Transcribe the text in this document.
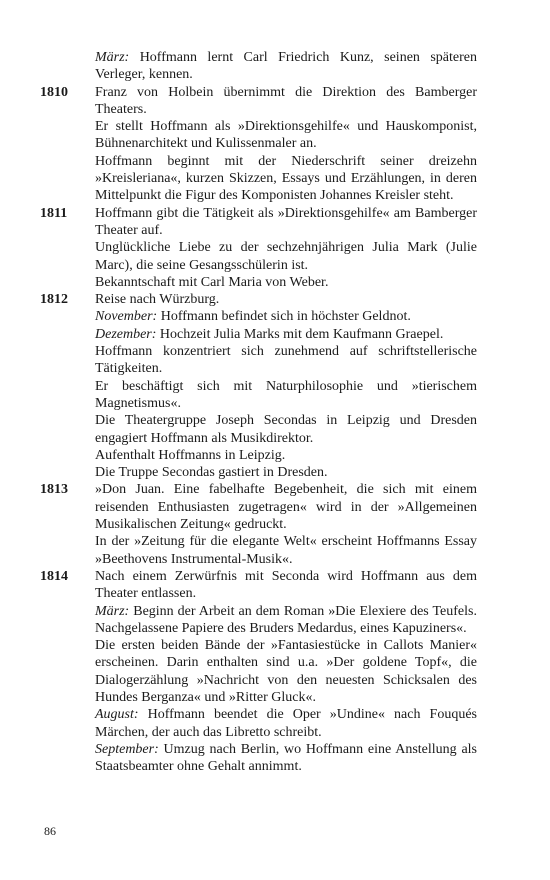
März: Hoffmann lernt Carl Friedrich Kunz, seinen späteren Verleger, kennen.
1810	Franz von Holbein übernimmt die Direktion des Bamberger Theaters.
Er stellt Hoffmann als »Direktionsgehilfe« und Hauskomponist, Bühnenarchitekt und Kulissenmaler an.
Hoffmann beginnt mit der Niederschrift seiner dreizehn »Kreisleriana«, kurzen Skizzen, Essays und Erzählungen, in deren Mittelpunkt die Figur des Komponisten Johannes Kreisler steht.
1811	Hoffmann gibt die Tätigkeit als »Direktionsgehilfe« am Bamberger Theater auf.
Unglückliche Liebe zu der sechzehnjährigen Julia Mark (Julie Marc), die seine Gesangsschülerin ist.
Bekanntschaft mit Carl Maria von Weber.
1812	Reise nach Würzburg.
November: Hoffmann befindet sich in höchster Geldnot.
Dezember: Hochzeit Julia Marks mit dem Kaufmann Graepel.
Hoffmann konzentriert sich zunehmend auf schriftstellerische Tätigkeiten.
Er beschäftigt sich mit Naturphilosophie und »tierischem Magnetismus«.
Die Theatergruppe Joseph Secondas in Leipzig und Dresden engagiert Hoffmann als Musikdirektor.
Aufenthalt Hoffmanns in Leipzig.
Die Truppe Secondas gastiert in Dresden.
1813	»Don Juan. Eine fabelhafte Begebenheit, die sich mit einem reisenden Enthusiasten zugetragen« wird in der »Allgemeinen Musikalischen Zeitung« gedruckt.
In der »Zeitung für die elegante Welt« erscheint Hoffmanns Essay »Beethovens Instrumental-Musik«.
1814	Nach einem Zerwürfnis mit Seconda wird Hoffmann aus dem Theater entlassen.
März: Beginn der Arbeit an dem Roman »Die Elexiere des Teufels. Nachgelassene Papiere des Bruders Medardus, eines Kapuziners«.
Die ersten beiden Bände der »Fantasiestücke in Callots Manier« erscheinen. Darin enthalten sind u.a. »Der goldene Topf«, die Dialogerzählung »Nachricht von den neuesten Schicksalen des Hundes Berganza« und »Ritter Gluck«.
August: Hoffmann beendet die Oper »Undine« nach Fouqués Märchen, der auch das Libretto schreibt.
September: Umzug nach Berlin, wo Hoffmann eine Anstellung als Staatsbeamter ohne Gehalt annimmt.
86
